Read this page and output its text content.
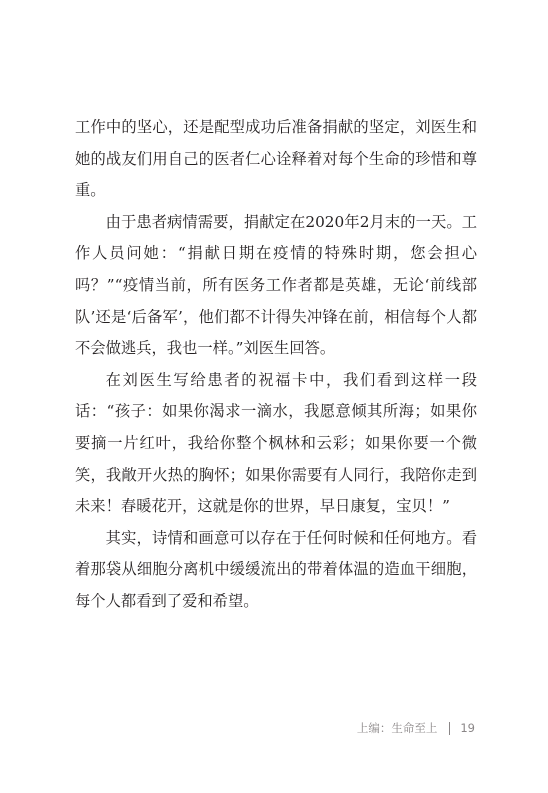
工作中的坚心，还是配型成功后准备捐献的坚定，刘医生和她的战友们用自己的医者仁心诠释着对每个生命的珍惜和尊重。

由于患者病情需要，捐献定在2020年2月末的一天。工作人员问她：“捐献日期在疫情的特殊时期，您会担心吗？”“疫情当前，所有医务工作者都是英雄，无论‘前线部队’还是‘后备军’，他们都不计得失冲锋在前，相信每个人都不会做逃兵，我也一样。”刘医生回答。

在刘医生写给患者的祝福卡中，我们看到这样一段话：“孩子：如果你渴求一滴水，我愿意倾其所海；如果你要摘一片红叶，我给你整个枫林和云彩；如果你要一个微笑，我敞开火热的胸怀；如果你需要有人同行，我陪你走到未来！春暖花开，这就是你的世界，早日康复，宝贝！”

其实，诗情和画意可以存在于任何时候和任何地方。看着那袋从细胞分离机中缓缓流出的带着体温的造血干细胞，每个人都看到了爱和希望。

上编：生命至上 19
